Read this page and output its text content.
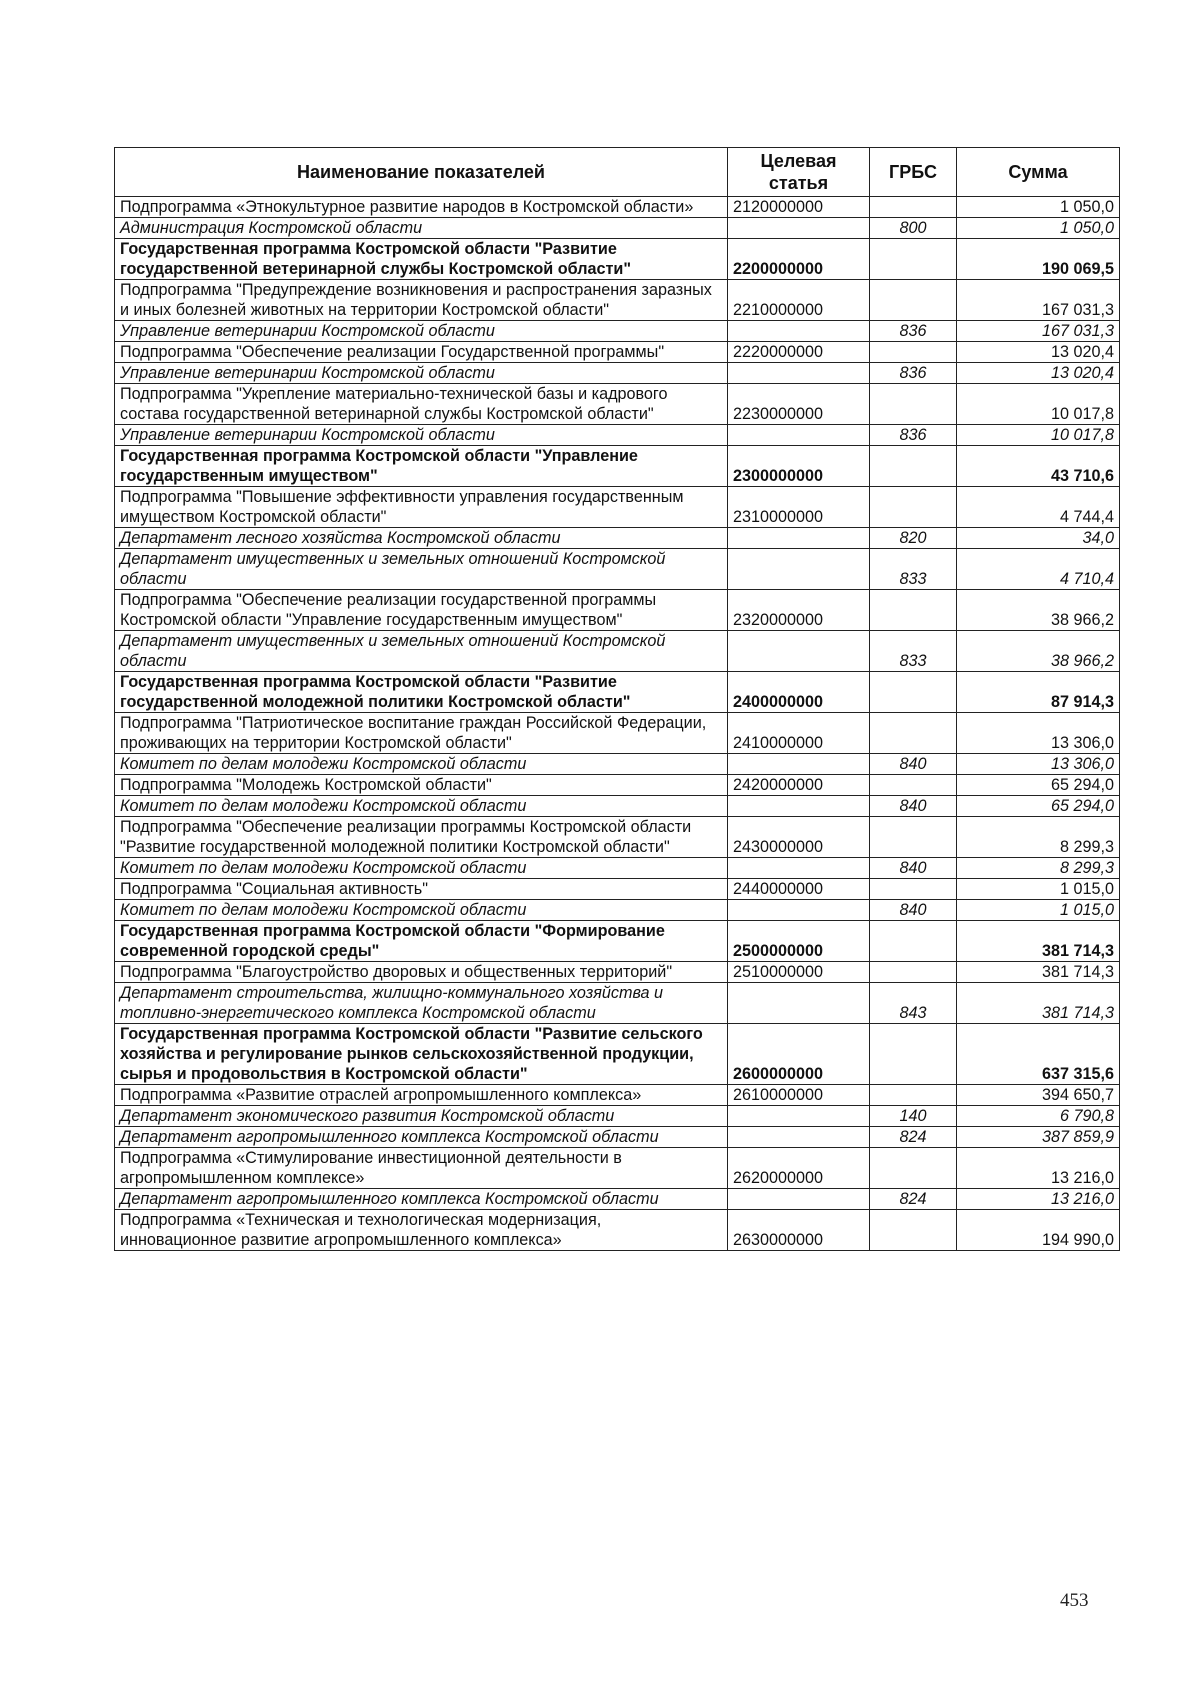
Наименование показателей	Целевая статья	ГРБС	Сумма
Подпрограмма «Этнокультурное развитие народов в Костромской области»	2120000000		1 050,0
Администрация Костромской области		800	1 050,0
Государственная программа Костромской области "Развитие государственной ветеринарной службы Костромской области"	2200000000		190 069,5
Подпрограмма "Предупреждение возникновения и распространения заразных и иных болезней животных на территории Костромской области"	2210000000		167 031,3
Управление ветеринарии Костромской области		836	167 031,3
Подпрограмма "Обеспечение реализации Государственной программы"	2220000000		13 020,4
Управление ветеринарии Костромской области		836	13 020,4
Подпрограмма "Укрепление материально-технической базы и кадрового состава государственной ветеринарной службы Костромской области"	2230000000		10 017,8
Управление ветеринарии Костромской области		836	10 017,8
Государственная программа Костромской области "Управление государственным имуществом"	2300000000		43 710,6
Подпрограмма "Повышение эффективности управления государственным имуществом Костромской области"	2310000000		4 744,4
Департамент лесного хозяйства Костромской области		820	34,0
Департамент имущественных и земельных отношений Костромской области		833	4 710,4
Подпрограмма "Обеспечение реализации государственной программы Костромской области "Управление государственным имуществом"	2320000000		38 966,2
Департамент имущественных и земельных отношений Костромской области		833	38 966,2
Государственная программа Костромской области "Развитие государственной молодежной политики Костромской области"	2400000000		87 914,3
Подпрограмма "Патриотическое воспитание граждан Российской Федерации, проживающих на территории Костромской области"	2410000000		13 306,0
Комитет по делам молодежи Костромской области		840	13 306,0
Подпрограмма "Молодежь Костромской области"	2420000000		65 294,0
Комитет по делам молодежи Костромской области		840	65 294,0
Подпрограмма "Обеспечение реализации программы Костромской области "Развитие государственной молодежной политики Костромской области"	2430000000		8 299,3
Комитет по делам молодежи Костромской области		840	8 299,3
Подпрограмма "Социальная активность"	2440000000		1 015,0
Комитет по делам молодежи Костромской области		840	1 015,0
Государственная программа Костромской области "Формирование современной городской среды"	2500000000		381 714,3
Подпрограмма "Благоустройство дворовых и общественных территорий"	2510000000		381 714,3
Департамент строительства, жилищно-коммунального хозяйства и топливно-энергетического комплекса Костромской области		843	381 714,3
Государственная программа Костромской области "Развитие сельского хозяйства и регулирование рынков сельскохозяйственной продукции, сырья и продовольствия в Костромской области"	2600000000		637 315,6
Подпрограмма «Развитие отраслей агропромышленного комплекса»	2610000000		394 650,7
Департамент экономического развития Костромской области		140	6 790,8
Департамент агропромышленного комплекса Костромской области		824	387 859,9
Подпрограмма «Стимулирование инвестиционной деятельности в агропромышленном комплексе»	2620000000		13 216,0
Департамент агропромышленного комплекса Костромской области		824	13 216,0
Подпрограмма «Техническая и технологическая модернизация, инновационное развитие агропромышленного комплекса»	2630000000		194 990,0
453
